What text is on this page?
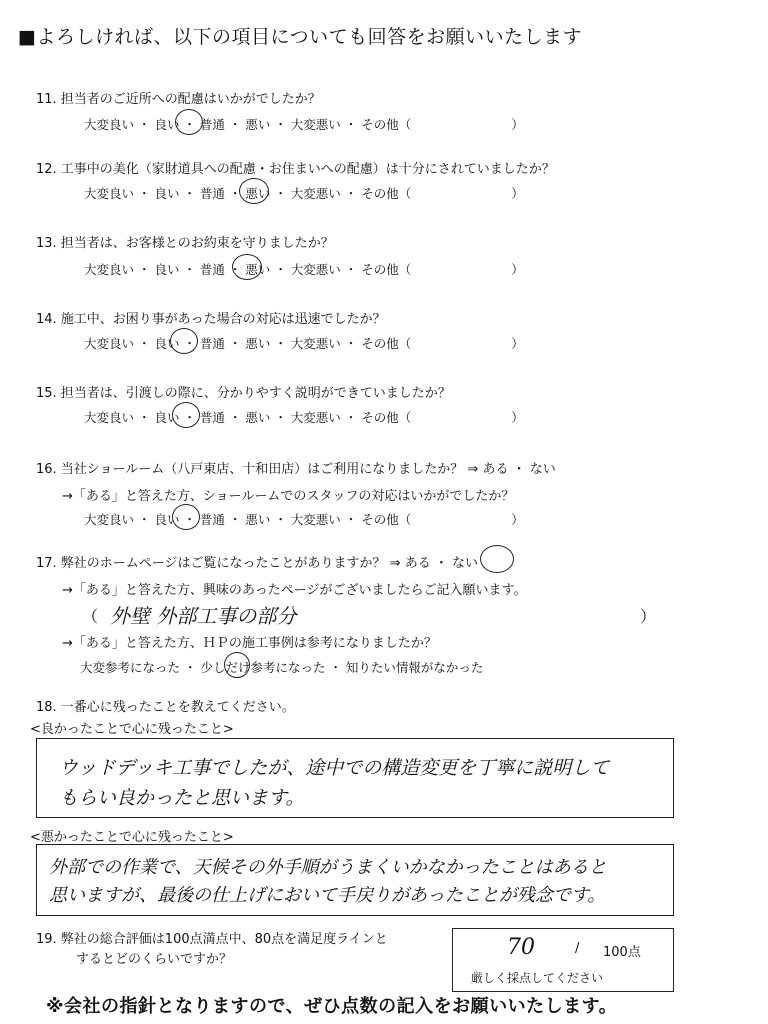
■よろしければ、以下の項目についても回答をお願いいたします
11. 担当者のご近所への配慮はいかがでしたか？
大変良い ・ 良い ・ 普通 ・ 悪い ・ 大変悪い ・ その他（　　　　　　　　）
12. 工事中の美化（家財道具への配慮・お住まいへの配慮）は十分にされていましたか？
大変良い ・ 良い ・ 普通 ・ 悪い ・ 大変悪い ・ その他（　　　　　　　　）
13. 担当者は、お客様とのお約束を守りましたか？
大変良い ・ 良い ・ 普通 ・ 悪い ・ 大変悪い ・ その他（　　　　　　　　）
14. 施工中、お困り事があった場合の対応は迅速でしたか？
大変良い ・ 良い ・ 普通 ・ 悪い ・ 大変悪い ・ その他（　　　　　　　　）
15. 担当者は、引渡しの際に、分かりやすく説明ができていましたか？
大変良い ・ 良い ・ 普通 ・ 悪い ・ 大変悪い ・ その他（　　　　　　　　）
16. 当社ショールーム（八戸東店、十和田店）はご利用になりましたか？ ⇒ ある ・ ない
→「ある」と答えた方、ショールームでのスタッフの対応はいかがでしたか？
大変良い ・ 良い ・ 普通 ・ 悪い ・ 大変悪い ・ その他（　　　　　　　　）
17. 弊社のホームページはご覧になったことがありますか？ ⇒ ある ・ ない
→「ある」と答えた方、興味のあったページがございましたらご記入願います。
（ 外壁 外部工事の部分	）
→「ある」と答えた方、ＨＰの施工事例は参考になりましたか？
大変参考になった ・ 少しだけ参考になった ・ 知りたい情報がなかった
18. 一番心に残ったことを教えてください。
<良かったことで心に残ったこと>
ウッドデッキ工事でしたが、途中での構造変更を丁寧に説明して
もらい良かったと思います。
<悪かったことで心に残ったこと>
外部での作業で、天候その外手順がうまくいかなかったことはあると
思いますが、最後の仕上げにおいて手戻りがあったことが残念です。
19. 弊社の総合評価は100点満点中、80点を満足度ラインと
するとどのくらいですか？	70	/ 100点
厳しく採点してください
※会社の指針となりますので、ぜひ点数の記入をお願いいたします。
